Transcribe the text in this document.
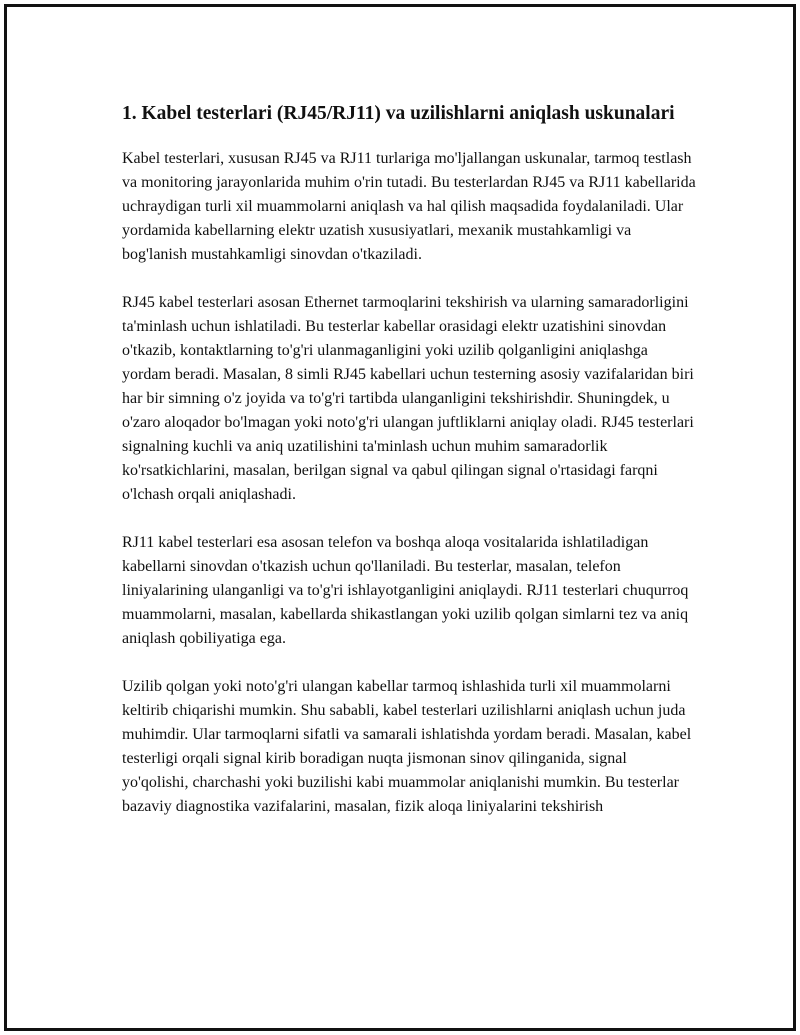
1. Kabel testerlari (RJ45/RJ11) va uzilishlarni aniqlash uskunalari

Kabel testerlari, xususan RJ45 va RJ11 turlariga mo'ljallangan uskunalar, tarmoq testlash va monitoring jarayonlarida muhim o'rin tutadi. Bu testerlardan RJ45 va RJ11 kabellarida uchraydigan turli xil muammolarni aniqlash va hal qilish maqsadida foydalaniladi. Ular yordamida kabellarning elektr uzatish xususiyatlari, mexanik mustahkamligi va bog'lanish mustahkamligi sinovdan o'tkaziladi.

RJ45 kabel testerlari asosan Ethernet tarmoqlarini tekshirish va ularning samaradorligini ta'minlash uchun ishlatiladi. Bu testerlar kabellar orasidagi elektr uzatishini sinovdan o'tkazib, kontaktlarning to'g'ri ulanmaganligini yoki uzilib qolganligini aniqlashga yordam beradi. Masalan, 8 simli RJ45 kabellari uchun testerning asosiy vazifalaridan biri har bir simning o'z joyida va to'g'ri tartibda ulanganligini tekshirishdir. Shuningdek, u o'zaro aloqador bo'lmagan yoki noto'g'ri ulangan juftliklarni aniqlay oladi. RJ45 testerlari signalning kuchli va aniq uzatilishini ta'minlash uchun muhim samaradorlik ko'rsatkichlarini, masalan, berilgan signal va qabul qilingan signal o'rtasidagi farqni o'lchash orqali aniqlashadi.

RJ11 kabel testerlari esa asosan telefon va boshqa aloqa vositalarida ishlatiladigan kabellarni sinovdan o'tkazish uchun qo'llaniladi. Bu testerlar, masalan, telefon liniyalarining ulanganligi va to'g'ri ishlayotganligini aniqlaydi. RJ11 testerlari chuqurroq muammolarni, masalan, kabellarda shikastlangan yoki uzilib qolgan simlarni tez va aniq aniqlash qobiliyatiga ega.

Uzilib qolgan yoki noto'g'ri ulangan kabellar tarmoq ishlashida turli xil muammolarni keltirib chiqarishi mumkin. Shu sababli, kabel testerlari uzilishlarni aniqlash uchun juda muhimdir. Ular tarmoqlarni sifatli va samarali ishlatishda yordam beradi. Masalan, kabel testerligi orqali signal kirib boradigan nuqta jismonan sinov qilinganida, signal yo'qolishi, charchashi yoki buzilishi kabi muammolar aniqlanishi mumkin. Bu testerlar bazaviy diagnostika vazifalarini, masalan, fizik aloqa liniyalarini tekshirish
